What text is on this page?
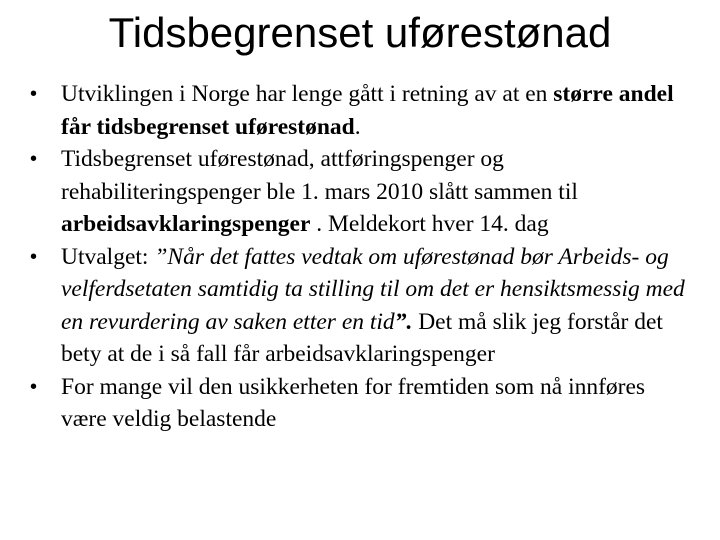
Tidsbegrenset uførestønad
• Utviklingen i Norge har lenge gått i retning av at en større andel får tidsbegrenset uførestønad.
• Tidsbegrenset uførestønad, attføringspenger og rehabiliteringspenger ble 1. mars 2010 slått sammen til arbeidsavklaringspenger . Meldekort hver 14. dag
• Utvalget: ”Når det fattes vedtak om uførestønad bør Arbeids- og velferdsetaten samtidig ta stilling til om det er hensiktsmessig med en revurdering av saken etter en tid”. Det må slik jeg forstår det bety at de i så fall får arbeidsavklaringspenger
• For mange vil den usikkerheten for fremtiden som nå innføres være veldig belastende
